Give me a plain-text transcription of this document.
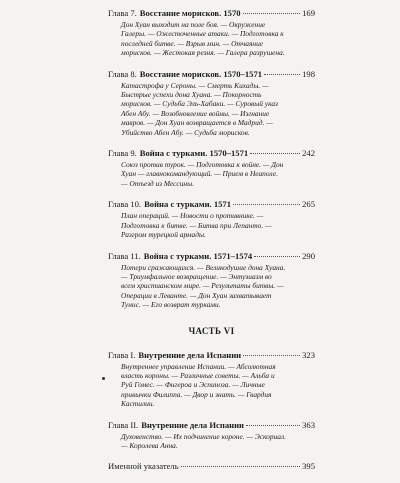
Глава 7. Восстание морисков. 1570	169
Дон Хуан выходит на поле боя. — Окружение Галеры. — Ожесточенные атаки. — Подготовка к последней битве. — Взрыв мин. — Отчаяние морисков. — Жестокая резня. — Галера разрушена.
Глава 8. Восстание морисков. 1570–1571	198
Катастрофа у Сероны. — Смерть Кихады. — Быстрые успехи дона Хуана. — Покорность морисков. — Судьба Эль-Хабаки. — Суровый указ Абен Абу. — Возобновление войны. — Изгнание мавров. — Дон Хуан возвращается в Мадрид. — Убийство Абен Абу. — Судьба морисков.
Глава 9. Война с турками. 1570–1571	242
Союз против турок. — Подготовка к войне. — Дон Хуан — главнокомандующий. — Прием в Неаполе. — Отъезд из Мессины.
Глава 10. Война с турками. 1571	265
План операций. — Новости о противнике. — Подготовка к битве. — Битва при Лепанто. — Разгром турецкой армады.
Глава 11. Война с турками. 1571–1574	290
Потери сражающихся. — Великодушие дона Хуана. — Триумфальное возвращение. — Энтузиазм во всем христианском мире. — Результаты битвы. — Операции в Леванте. — Дон Хуан захватывает Тунис. — Его возврат турками.
ЧАСТЬ VI
Глава I. Внутренние дела Испании	323
Внутреннее управление Испании. — Абсолютная власть короны. — Различные советы. — Альба и Руй Гомес. — Фигероа и Эспиноза. — Личные привычки Филиппа. — Двор и знать. — Гвардия Кастилии.
Глава II. Внутренние дела Испании	363
Духовенство. — Их подчинение короне. — Эскориал. — Королева Анна.
Именной указатель	395
